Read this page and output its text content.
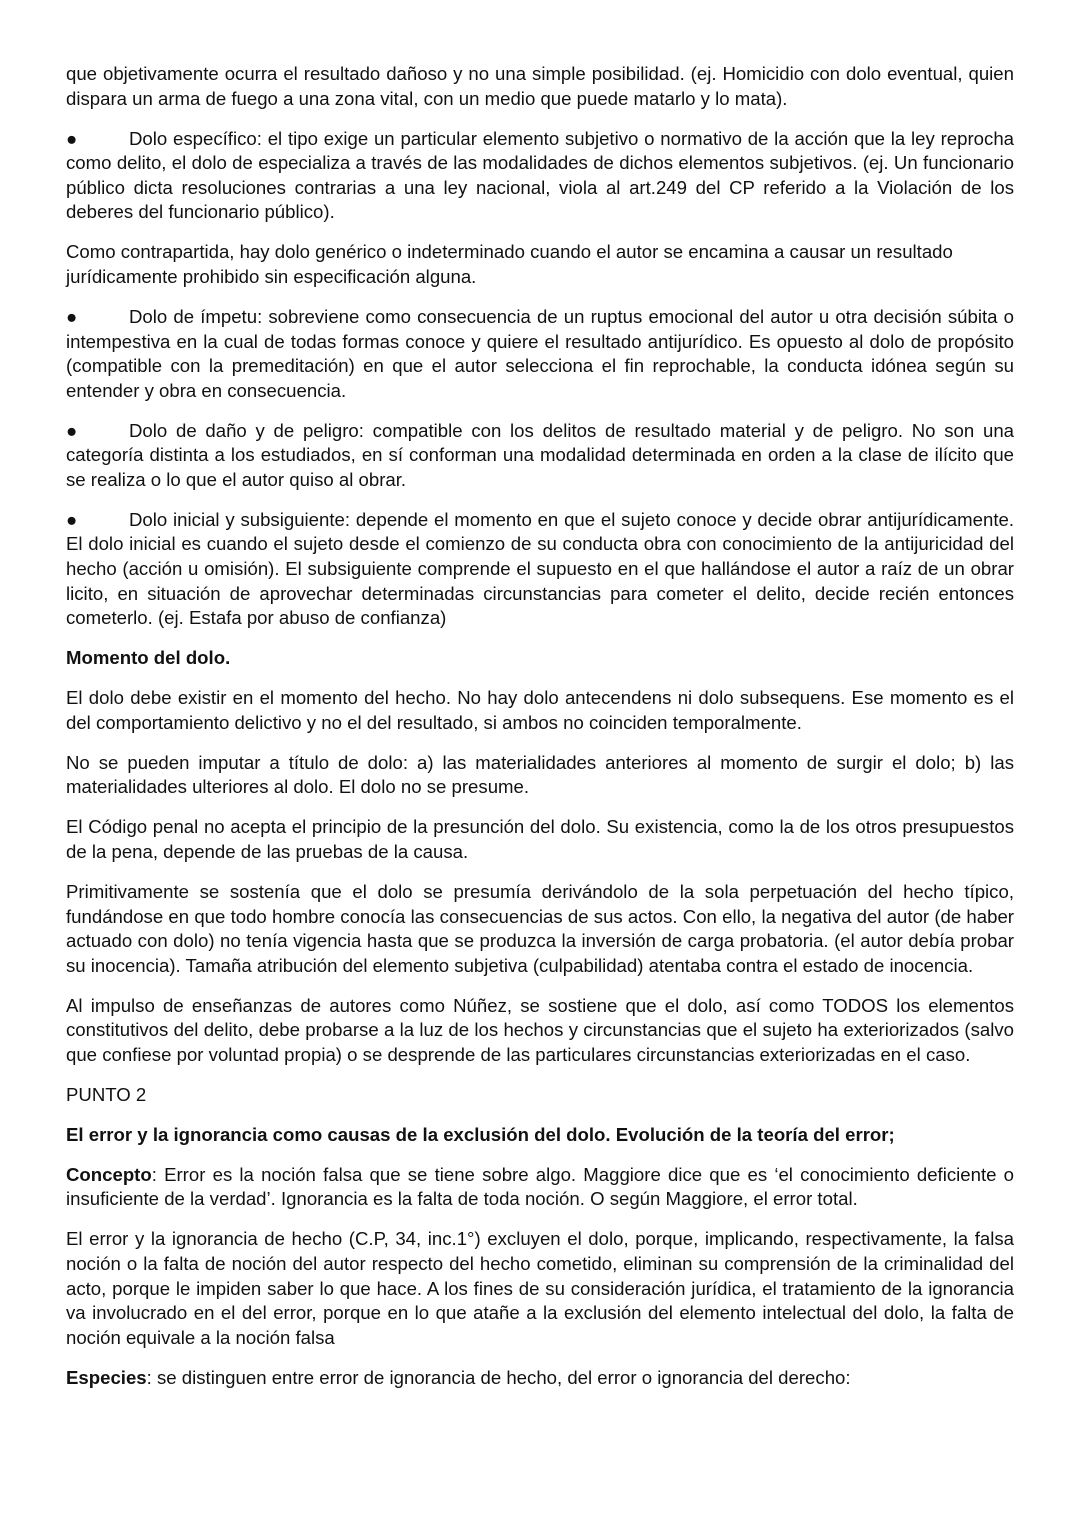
que objetivamente ocurra el resultado dañoso y no una simple posibilidad. (ej. Homicidio con dolo eventual, quien dispara un arma de fuego a una zona vital, con un medio que puede matarlo y lo mata).

●	Dolo específico: el tipo exige un particular elemento subjetivo o normativo de la acción que la ley reprocha como delito, el dolo de especializa a través de las modalidades de dichos elementos subjetivos. (ej. Un funcionario público dicta resoluciones contrarias a una ley nacional, viola al art.249 del CP referido a la Violación de los deberes del funcionario público).

Como contrapartida, hay dolo genérico o indeterminado cuando el autor se encamina a causar un resultado jurídicamente prohibido sin especificación alguna.

●	Dolo de ímpetu: sobreviene como consecuencia de un ruptus emocional del autor u otra decisión súbita o intempestiva en la cual de todas formas conoce y quiere el resultado antijurídico. Es opuesto al dolo de propósito (compatible con la premeditación) en que el autor selecciona el fin reprochable, la conducta idónea según su entender y obra en consecuencia.

●	Dolo de daño y de peligro: compatible con los delitos de resultado material y de peligro. No son una categoría distinta a los estudiados, en sí conforman una modalidad determinada en orden a la clase de ilícito que se realiza o lo que el autor quiso al obrar.

●	Dolo inicial y subsiguiente: depende el momento en que el sujeto conoce y decide obrar antijurídicamente. El dolo inicial es cuando el sujeto desde el comienzo de su conducta obra con conocimiento de la antijuricidad del hecho (acción u omisión). El subsiguiente comprende el supuesto en el que hallándose el autor a raíz de un obrar licito, en situación de aprovechar determinadas circunstancias para cometer el delito, decide recién entonces cometerlo. (ej. Estafa por abuso de confianza)

Momento del dolo.

El dolo debe existir en el momento del hecho. No hay dolo antecendens ni dolo subsequens. Ese momento es el del comportamiento delictivo y no el del resultado, si ambos no coinciden temporalmente.

No se pueden imputar a título de dolo: a) las materialidades anteriores al momento de surgir el dolo; b) las materialidades ulteriores al dolo. El dolo no se presume.

El Código penal no acepta el principio de la presunción del dolo. Su existencia, como la de los otros presupuestos de la pena, depende de las pruebas de la causa.

Primitivamente se sostenía que el dolo se presumía derivándolo de la sola perpetuación del hecho típico, fundándose en que todo hombre conocía las consecuencias de sus actos. Con ello, la negativa del autor (de haber actuado con dolo) no tenía vigencia hasta que se produzca la inversión de carga probatoria. (el autor debía probar su inocencia). Tamaña atribución del elemento subjetiva (culpabilidad) atentaba contra el estado de inocencia.

Al impulso de enseñanzas de autores como Núñez, se sostiene que el dolo, así como TODOS los elementos constitutivos del delito, debe probarse a la luz de los hechos y circunstancias que el sujeto ha exteriorizados (salvo que confiese por voluntad propia) o se desprende de las particulares circunstancias exteriorizadas en el caso.

PUNTO 2

El error y la ignorancia como causas de la exclusión del dolo. Evolución de la teoría del error;

Concepto: Error es la noción falsa que se tiene sobre algo. Maggiore dice que es ‘el conocimiento deficiente o insuficiente de la verdad’. Ignorancia es la falta de toda noción. O según Maggiore, el error total.

El error y la ignorancia de hecho (C.P, 34, inc.1°) excluyen el dolo, porque, implicando, respectivamente, la falsa noción o la falta de noción del autor respecto del hecho cometido, eliminan su comprensión de la criminalidad del acto, porque le impiden saber lo que hace. A los fines de su consideración jurídica, el tratamiento de la ignorancia va involucrado en el del error, porque en lo que atañe a la exclusión del elemento intelectual del dolo, la falta de noción equivale a la noción falsa

Especies: se distinguen entre error de ignorancia de hecho, del error o ignorancia del derecho:
